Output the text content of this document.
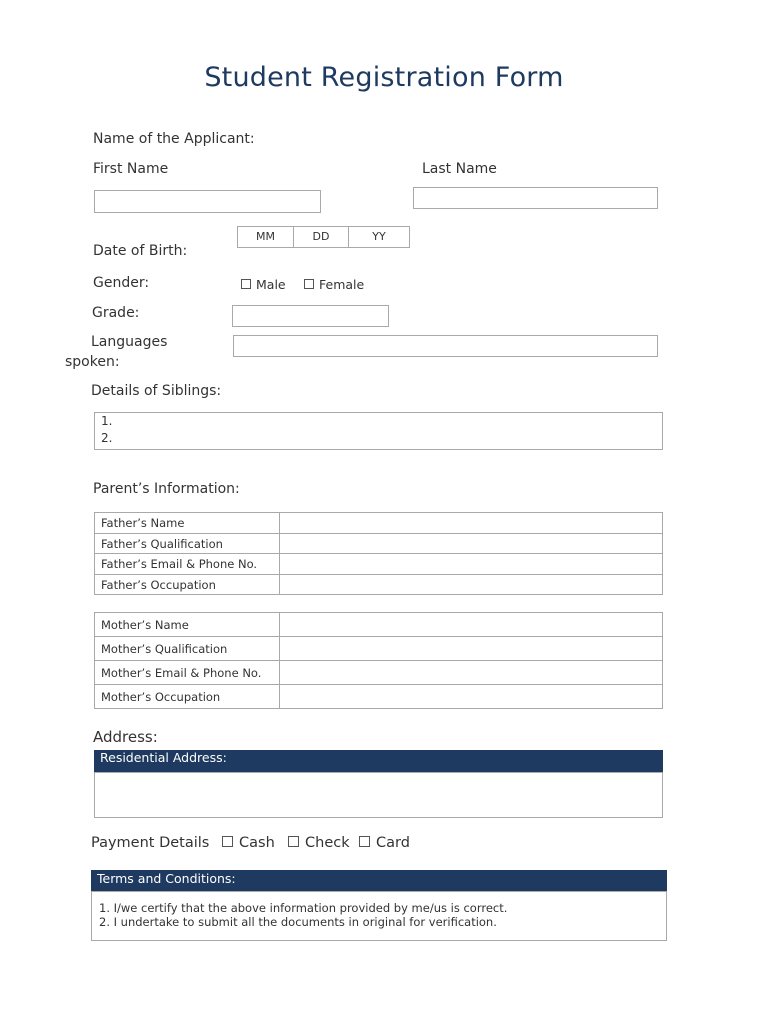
Student Registration Form
Name of the Applicant:
First Name	Last Name
Date of Birth:
MM	DD	YY
Gender:	Male	Female
Grade:
Languages
spoken:
Details of Siblings:
1.
2.
Parent’s Information:
Father’s Name	
Father’s Qualification	
Father’s Email & Phone No.	
Father’s Occupation	
Mother’s Name	
Mother’s Qualification	
Mother’s Email & Phone No.	
Mother’s Occupation	
Address:
Residential Address:
Payment Details	Cash	Check	Card
Terms and Conditions:
1. I/we certify that the above information provided by me/us is correct.
2. I undertake to submit all the documents in original for verification.
